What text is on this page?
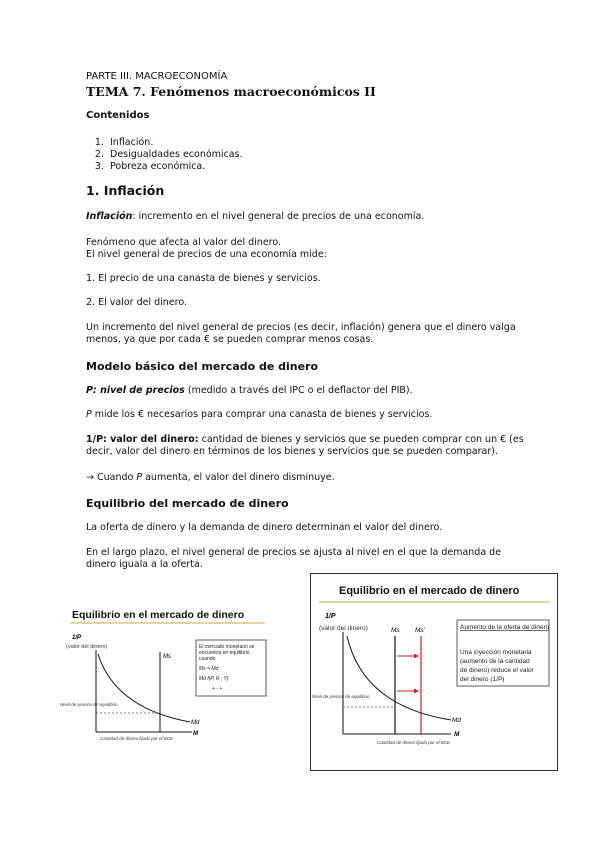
PARTE III. MACROECONOMÍA
TEMA 7. Fenómenos macroeconómicos II
Contenidos
1. Inflación.
2. Desigualdades económicas.
3. Pobreza económica.
1. Inflación
Inflación: incremento en el nivel general de precios de una economía.
Fenómeno que afecta al valor del dinero.
El nivel general de precios de una economía mide:
1. El precio de una canasta de bienes y servicios.
2. El valor del dinero.
Un incremento del nivel general de precios (es decir, inflación) genera que el dinero valga
menos, ya que por cada € se pueden comprar menos cosas.
Modelo básico del mercado de dinero
P: nivel de precios (medido a través del IPC o el deflactor del PIB).
P mide los € necesarios para comprar una canasta de bienes y servicios.
1/P: valor del dinero: cantidad de bienes y servicios que se pueden comprar con un € (es
decir, valor del dinero en términos de los bienes y servicios que se pueden comparar).
→ Cuando P aumenta, el valor del dinero disminuye.
Equilibrio del mercado de dinero
La oferta de dinero y la demanda de dinero determinan el valor del dinero.
En el largo plazo, el nivel general de precios se ajusta al nivel en el que la demanda de
dinero iguala a la oferta.
Equilibrio en el mercado de dinero
1/P
(valor del dinero)
Ms
Md
M
Nivel de precios de equilibrio
Cantidad de dinero fijada por el BCE
El mercado monetario se encuentra en equilibrio cuando Ms = Md Md f(P, R , Y) + - +
Equilibrio en el mercado de dinero
1/P
(valor del dinero)	Ms Ms'
Md
M
Nivel de precios de equilibrio
Cantidad de dinero fijada por el BCE
Aumento de la oferta de dinero
Una inyección monetaria (aumento de la cantidad de dinero) reduce el valor del dinero (1/P)
